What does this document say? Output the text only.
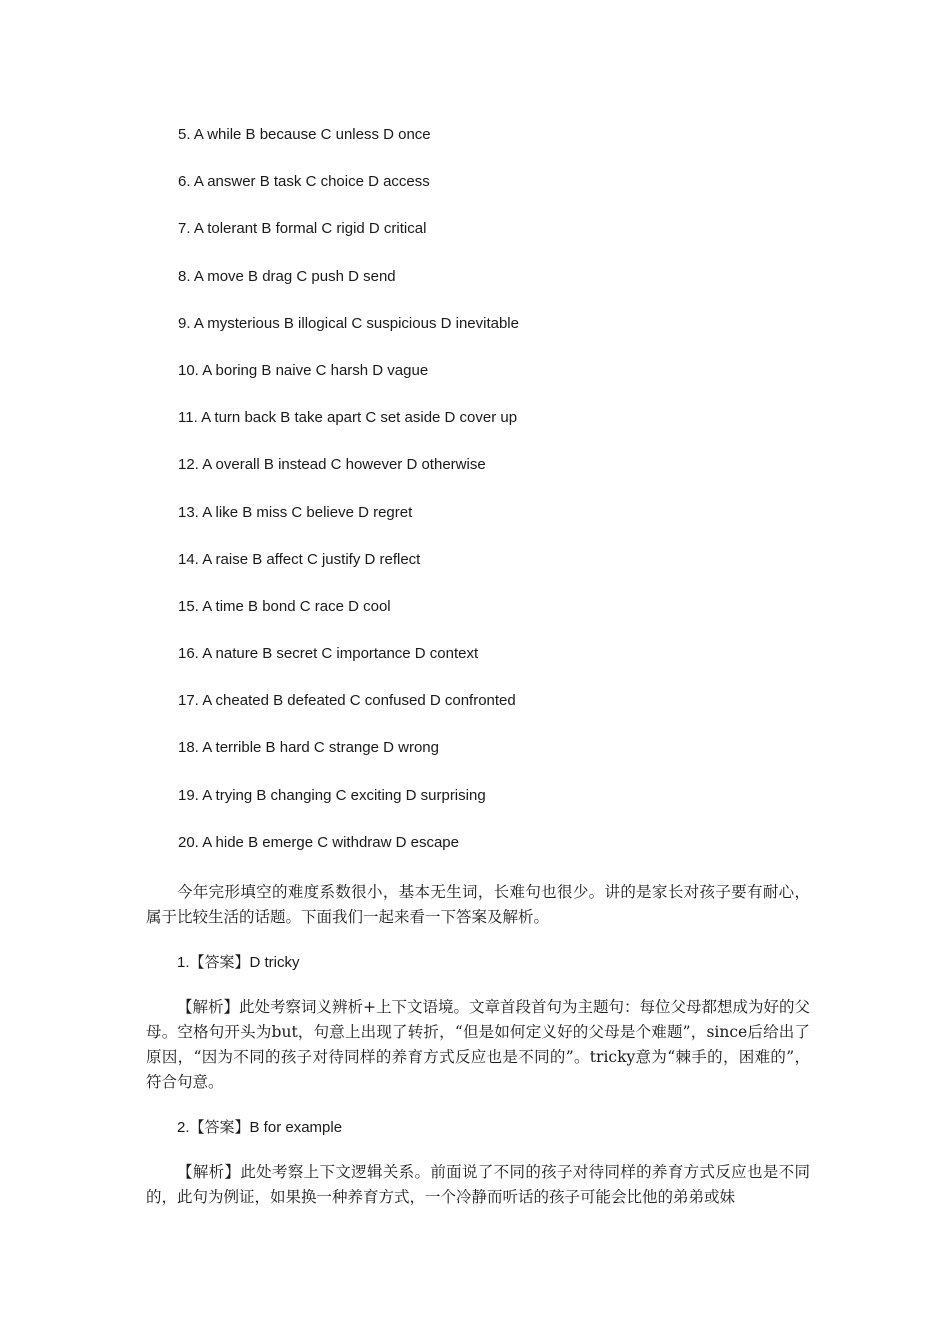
5. A while B because C unless D once
6. A answer B task C choice D access
7. A tolerant B formal C rigid D critical
8. A move B drag C push D send
9. A mysterious B illogical C suspicious D inevitable
10. A boring B naive C harsh D vague
11. A turn back B take apart C set aside D cover up
12. A overall B instead C however D otherwise
13. A like B miss C believe D regret
14. A raise B affect C justify D reflect
15. A time B bond C race D cool
16. A nature B secret C importance D context
17. A cheated B defeated C confused D confronted
18. A terrible B hard C strange D wrong
19. A trying B changing C exciting D surprising
20. A hide B emerge C withdraw D escape

今年完形填空的难度系数很小，基本无生词，长难句也很少。讲的是家长对孩子要有耐心，属于比较生活的话题。下面我们一起来看一下答案及解析。

1.【答案】D tricky

【解析】此处考察词义辨析+上下文语境。文章首段首句为主题句：每位父母都想成为好的父母。空格句开头为but，句意上出现了转折，“但是如何定义好的父母是个难题”，since后给出了原因，“因为不同的孩子对待同样的养育方式反应也是不同的”。tricky意为“棘手的，困难的”，符合句意。

2.【答案】B for example

【解析】此处考察上下文逻辑关系。前面说了不同的孩子对待同样的养育方式反应也是不同的，此句为例证，如果换一种养育方式，一个冷静而听话的孩子可能会比他的弟弟或妹
